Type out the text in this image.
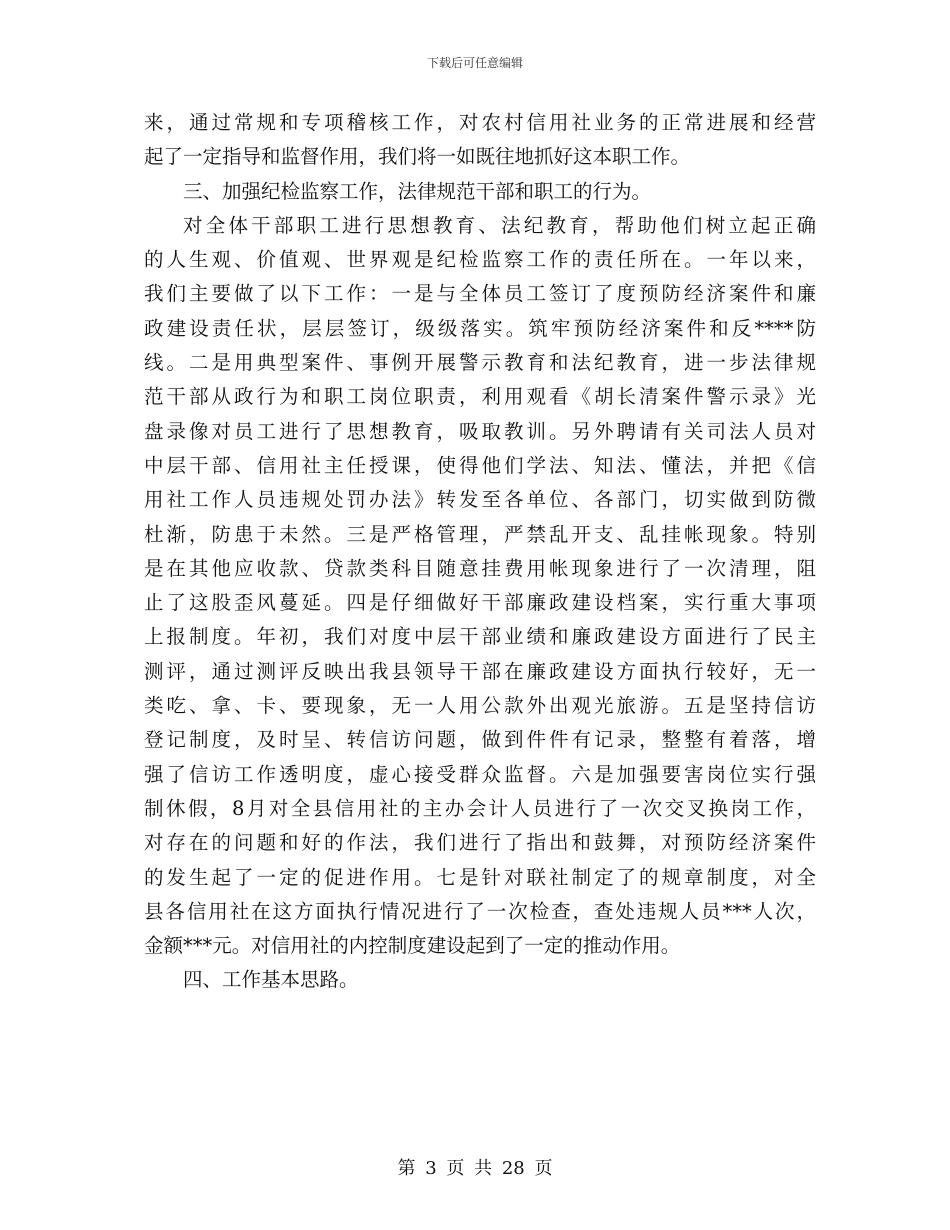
下载后可任意编辑
来，通过常规和专项稽核工作，对农村信用社业务的正常进展和经营
起了一定指导和监督作用，我们将一如既往地抓好这本职工作。
三、加强纪检监察工作，法律规范干部和职工的行为。
对全体干部职工进行思想教育、法纪教育，帮助他们树立起正确
的人生观、价值观、世界观是纪检监察工作的责任所在。一年以来，
我们主要做了以下工作：一是与全体员工签订了度预防经济案件和廉
政建设责任状，层层签订，级级落实。筑牢预防经济案件和反****防
线。二是用典型案件、事例开展警示教育和法纪教育，进一步法律规
范干部从政行为和职工岗位职责，利用观看《胡长清案件警示录》光
盘录像对员工进行了思想教育，吸取教训。另外聘请有关司法人员对
中层干部、信用社主任授课，使得他们学法、知法、懂法，并把《信
用社工作人员违规处罚办法》转发至各单位、各部门，切实做到防微
杜渐，防患于未然。三是严格管理，严禁乱开支、乱挂帐现象。特别
是在其他应收款、贷款类科目随意挂费用帐现象进行了一次清理，阻
止了这股歪风蔓延。四是仔细做好干部廉政建设档案，实行重大事项
上报制度。年初，我们对度中层干部业绩和廉政建设方面进行了民主
测评，通过测评反映出我县领导干部在廉政建设方面执行较好，无一
类吃、拿、卡、要现象，无一人用公款外出观光旅游。五是坚持信访
登记制度，及时呈、转信访问题，做到件件有记录，整整有着落，增
强了信访工作透明度，虚心接受群众监督。六是加强要害岗位实行强
制休假，8月对全县信用社的主办会计人员进行了一次交叉换岗工作，
对存在的问题和好的作法，我们进行了指出和鼓舞，对预防经济案件
的发生起了一定的促进作用。七是针对联社制定了的规章制度，对全
县各信用社在这方面执行情况进行了一次检查，查处违规人员***人次，
金额***元。对信用社的内控制度建设起到了一定的推动作用。
四、工作基本思路。
第 3 页 共 28 页
